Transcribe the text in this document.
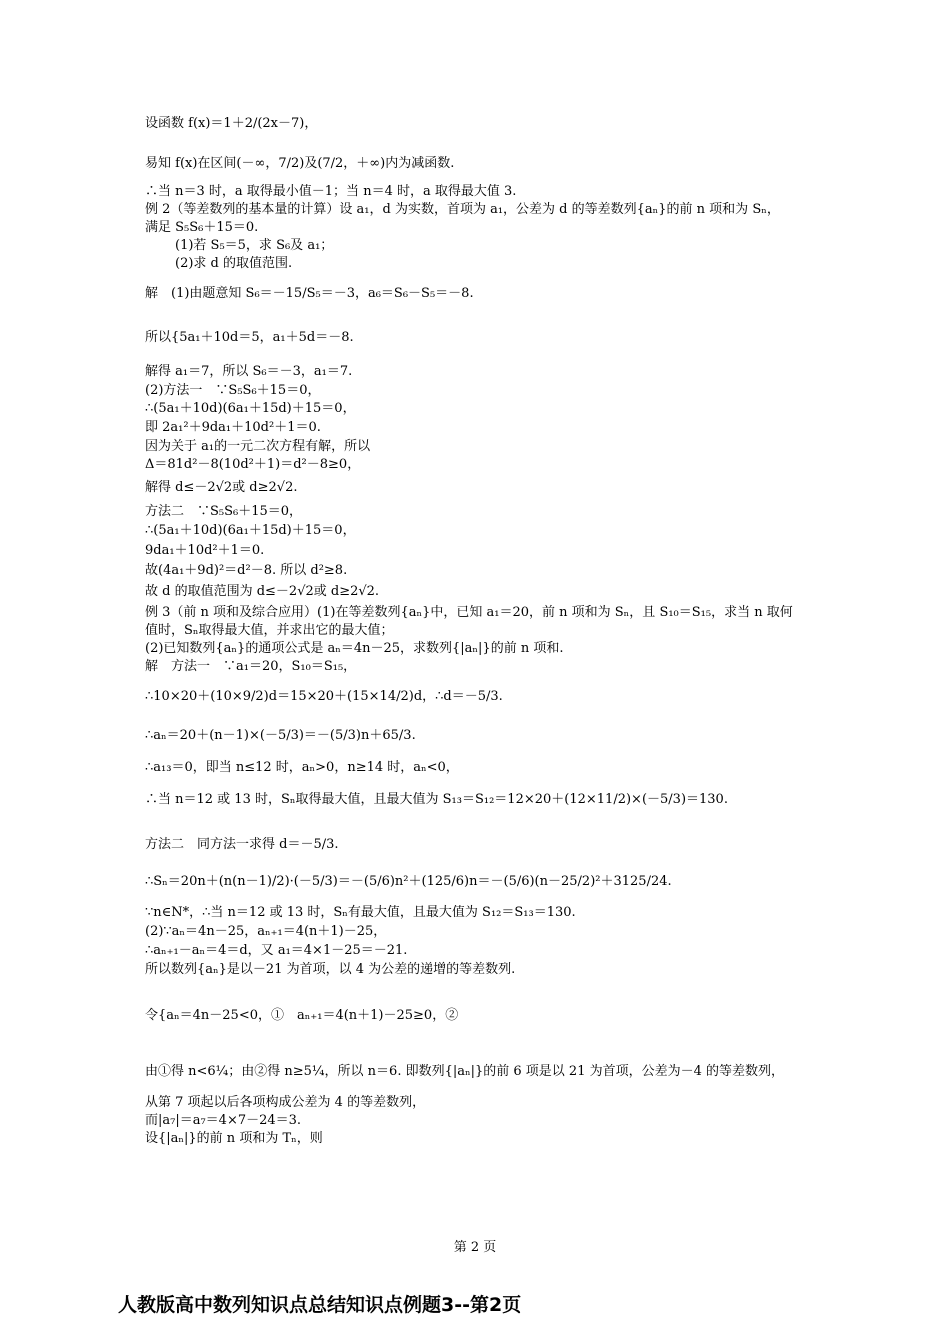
设函数 f(x)＝1＋2/(2x－7)，
易知 f(x)在区间(－∞，7/2)及(7/2，＋∞)内为减函数.
∴当 n＝3 时，a 取得最小值－1；当 n＝4 时，a 取得最大值 3.
例 2（等差数列的基本量的计算）设 a₁，d 为实数，首项为 a₁，公差为 d 的等差数列{aₙ}的前 n 项和为 Sₙ，
满足 S₅S₆＋15＝0.
(1)若 S₅＝5，求 S₆及 a₁；
(2)求 d 的取值范围.
解　(1)由题意知 S₆＝－15/S₅＝－3，a₆＝S₆－S₅＝－8.
所以{5a₁＋10d＝5，a₁＋5d＝－8.
解得 a₁＝7，所以 S₆＝－3，a₁＝7.
(2)方法一　∵S₅S₆＋15＝0，
∴(5a₁＋10d)(6a₁＋15d)＋15＝0，
即 2a₁²＋9da₁＋10d²＋1＝0.
因为关于 a₁的一元二次方程有解，所以
Δ＝81d²－8(10d²＋1)＝d²－8≥0，
解得 d≤－2√2或 d≥2√2.
方法二　∵S₅S₆＋15＝0，
∴(5a₁＋10d)(6a₁＋15d)＋15＝0，
9da₁＋10d²＋1＝0.
故(4a₁＋9d)²＝d²－8. 所以 d²≥8.
故 d 的取值范围为 d≤－2√2或 d≥2√2.
例 3（前 n 项和及综合应用）(1)在等差数列{aₙ}中，已知 a₁＝20，前 n 项和为 Sₙ，且 S₁₀＝S₁₅，求当 n 取何
值时，Sₙ取得最大值，并求出它的最大值；
(2)已知数列{aₙ}的通项公式是 aₙ＝4n－25，求数列{|aₙ|}的前 n 项和.
解　方法一　∵a₁＝20，S₁₀＝S₁₅，
∴10×20＋(10×9/2)d＝15×20＋(15×14/2)d，∴d＝－5/3.
∴aₙ＝20＋(n－1)×(－5/3)＝－(5/3)n＋65/3.
∴a₁₃＝0，即当 n≤12 时，aₙ>0，n≥14 时，aₙ<0，
∴当 n＝12 或 13 时，Sₙ取得最大值，且最大值为 S₁₃＝S₁₂＝12×20＋(12×11/2)×(－5/3)＝130.
方法二　同方法一求得 d＝－5/3.
∴Sₙ＝20n＋(n(n－1)/2)·(－5/3)＝－(5/6)n²＋(125/6)n＝－(5/6)(n－25/2)²＋3125/24.
∵n∈N*，∴当 n＝12 或 13 时，Sₙ有最大值，且最大值为 S₁₂＝S₁₃＝130.
(2)∵aₙ＝4n－25，aₙ₊₁＝4(n＋1)－25，
∴aₙ₊₁－aₙ＝4＝d，又 a₁＝4×1－25＝－21.
所以数列{aₙ}是以－21 为首项，以 4 为公差的递增的等差数列.
令{aₙ＝4n－25<0，①　aₙ₊₁＝4(n＋1)－25≥0，②
由①得 n<6¼；由②得 n≥5¼，所以 n＝6. 即数列{|aₙ|}的前 6 项是以 21 为首项，公差为－4 的等差数列，
从第 7 项起以后各项构成公差为 4 的等差数列，
而|a₇|＝a₇＝4×7－24＝3.
设{|aₙ|}的前 n 项和为 Tₙ，则
第 2 页
人教版高中数列知识点总结知识点例题3--第2页
